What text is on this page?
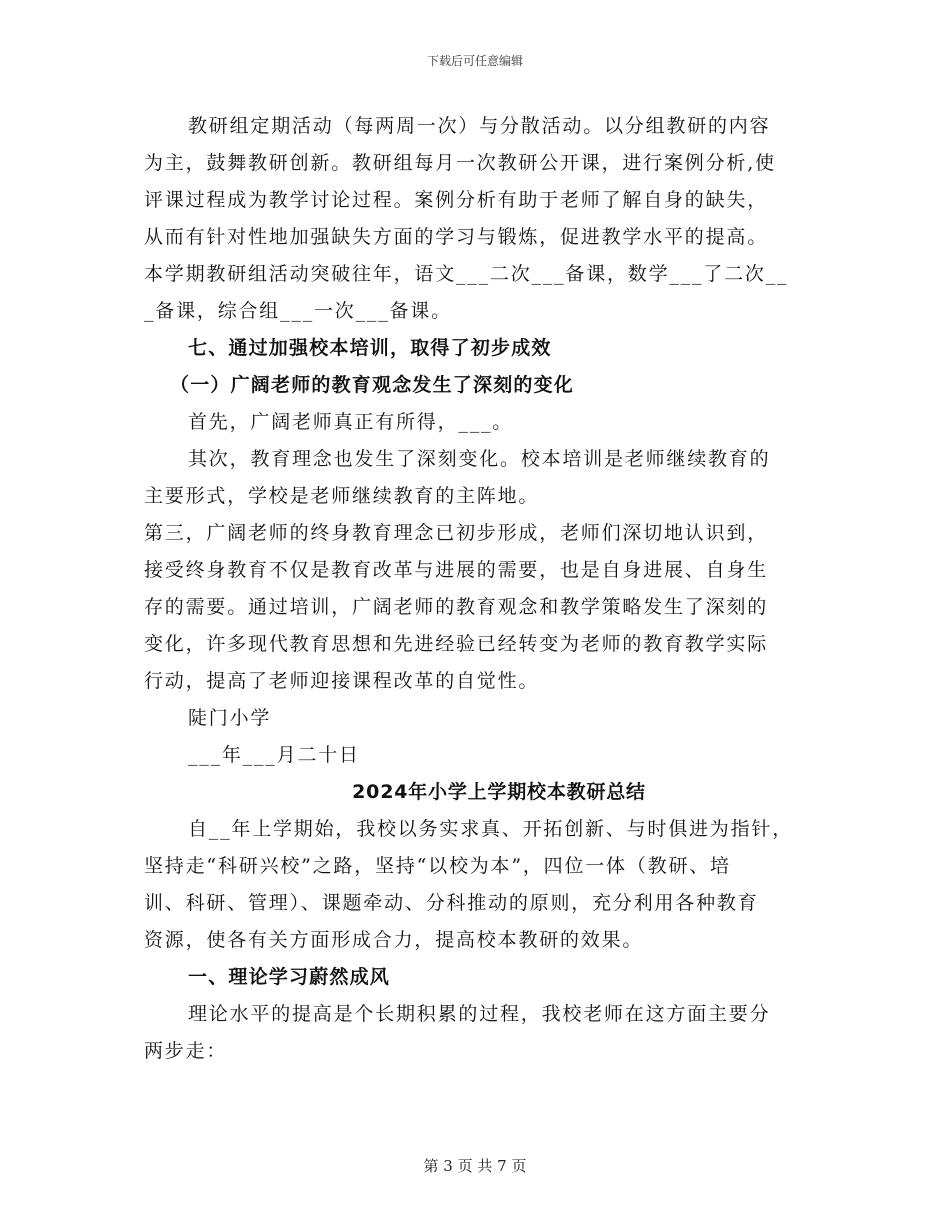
下载后可任意编辑
教研组定期活动（每两周一次）与分散活动。以分组教研的内容
为主，鼓舞教研创新。教研组每月一次教研公开课，进行案例分析,使
评课过程成为教学讨论过程。案例分析有助于老师了解自身的缺失，
从而有针对性地加强缺失方面的学习与锻炼，促进教学水平的提高。
本学期教研组活动突破往年，语文___二次___备课，数学___了二次__
_备课，综合组___一次___备课。
七、通过加强校本培训，取得了初步成效
（一）广阔老师的教育观念发生了深刻的变化
首先，广阔老师真正有所得，___。
其次，教育理念也发生了深刻变化。校本培训是老师继续教育的
主要形式，学校是老师继续教育的主阵地。
第三，广阔老师的终身教育理念已初步形成，老师们深切地认识到，
接受终身教育不仅是教育改革与进展的需要，也是自身进展、自身生
存的需要。通过培训，广阔老师的教育观念和教学策略发生了深刻的
变化，许多现代教育思想和先进经验已经转变为老师的教育教学实际
行动，提高了老师迎接课程改革的自觉性。
陡门小学
___年___月二十日
2024年小学上学期校本教研总结
自__年上学期始，我校以务实求真、开拓创新、与时俱进为指针，
坚持走“科研兴校”之路，坚持“以校为本”，四位一体（教研、培
训、科研、管理）、课题牵动、分科推动的原则，充分利用各种教育
资源，使各有关方面形成合力，提高校本教研的效果。
一、理论学习蔚然成风
理论水平的提高是个长期积累的过程，我校老师在这方面主要分
两步走：
第 3 页 共 7 页
